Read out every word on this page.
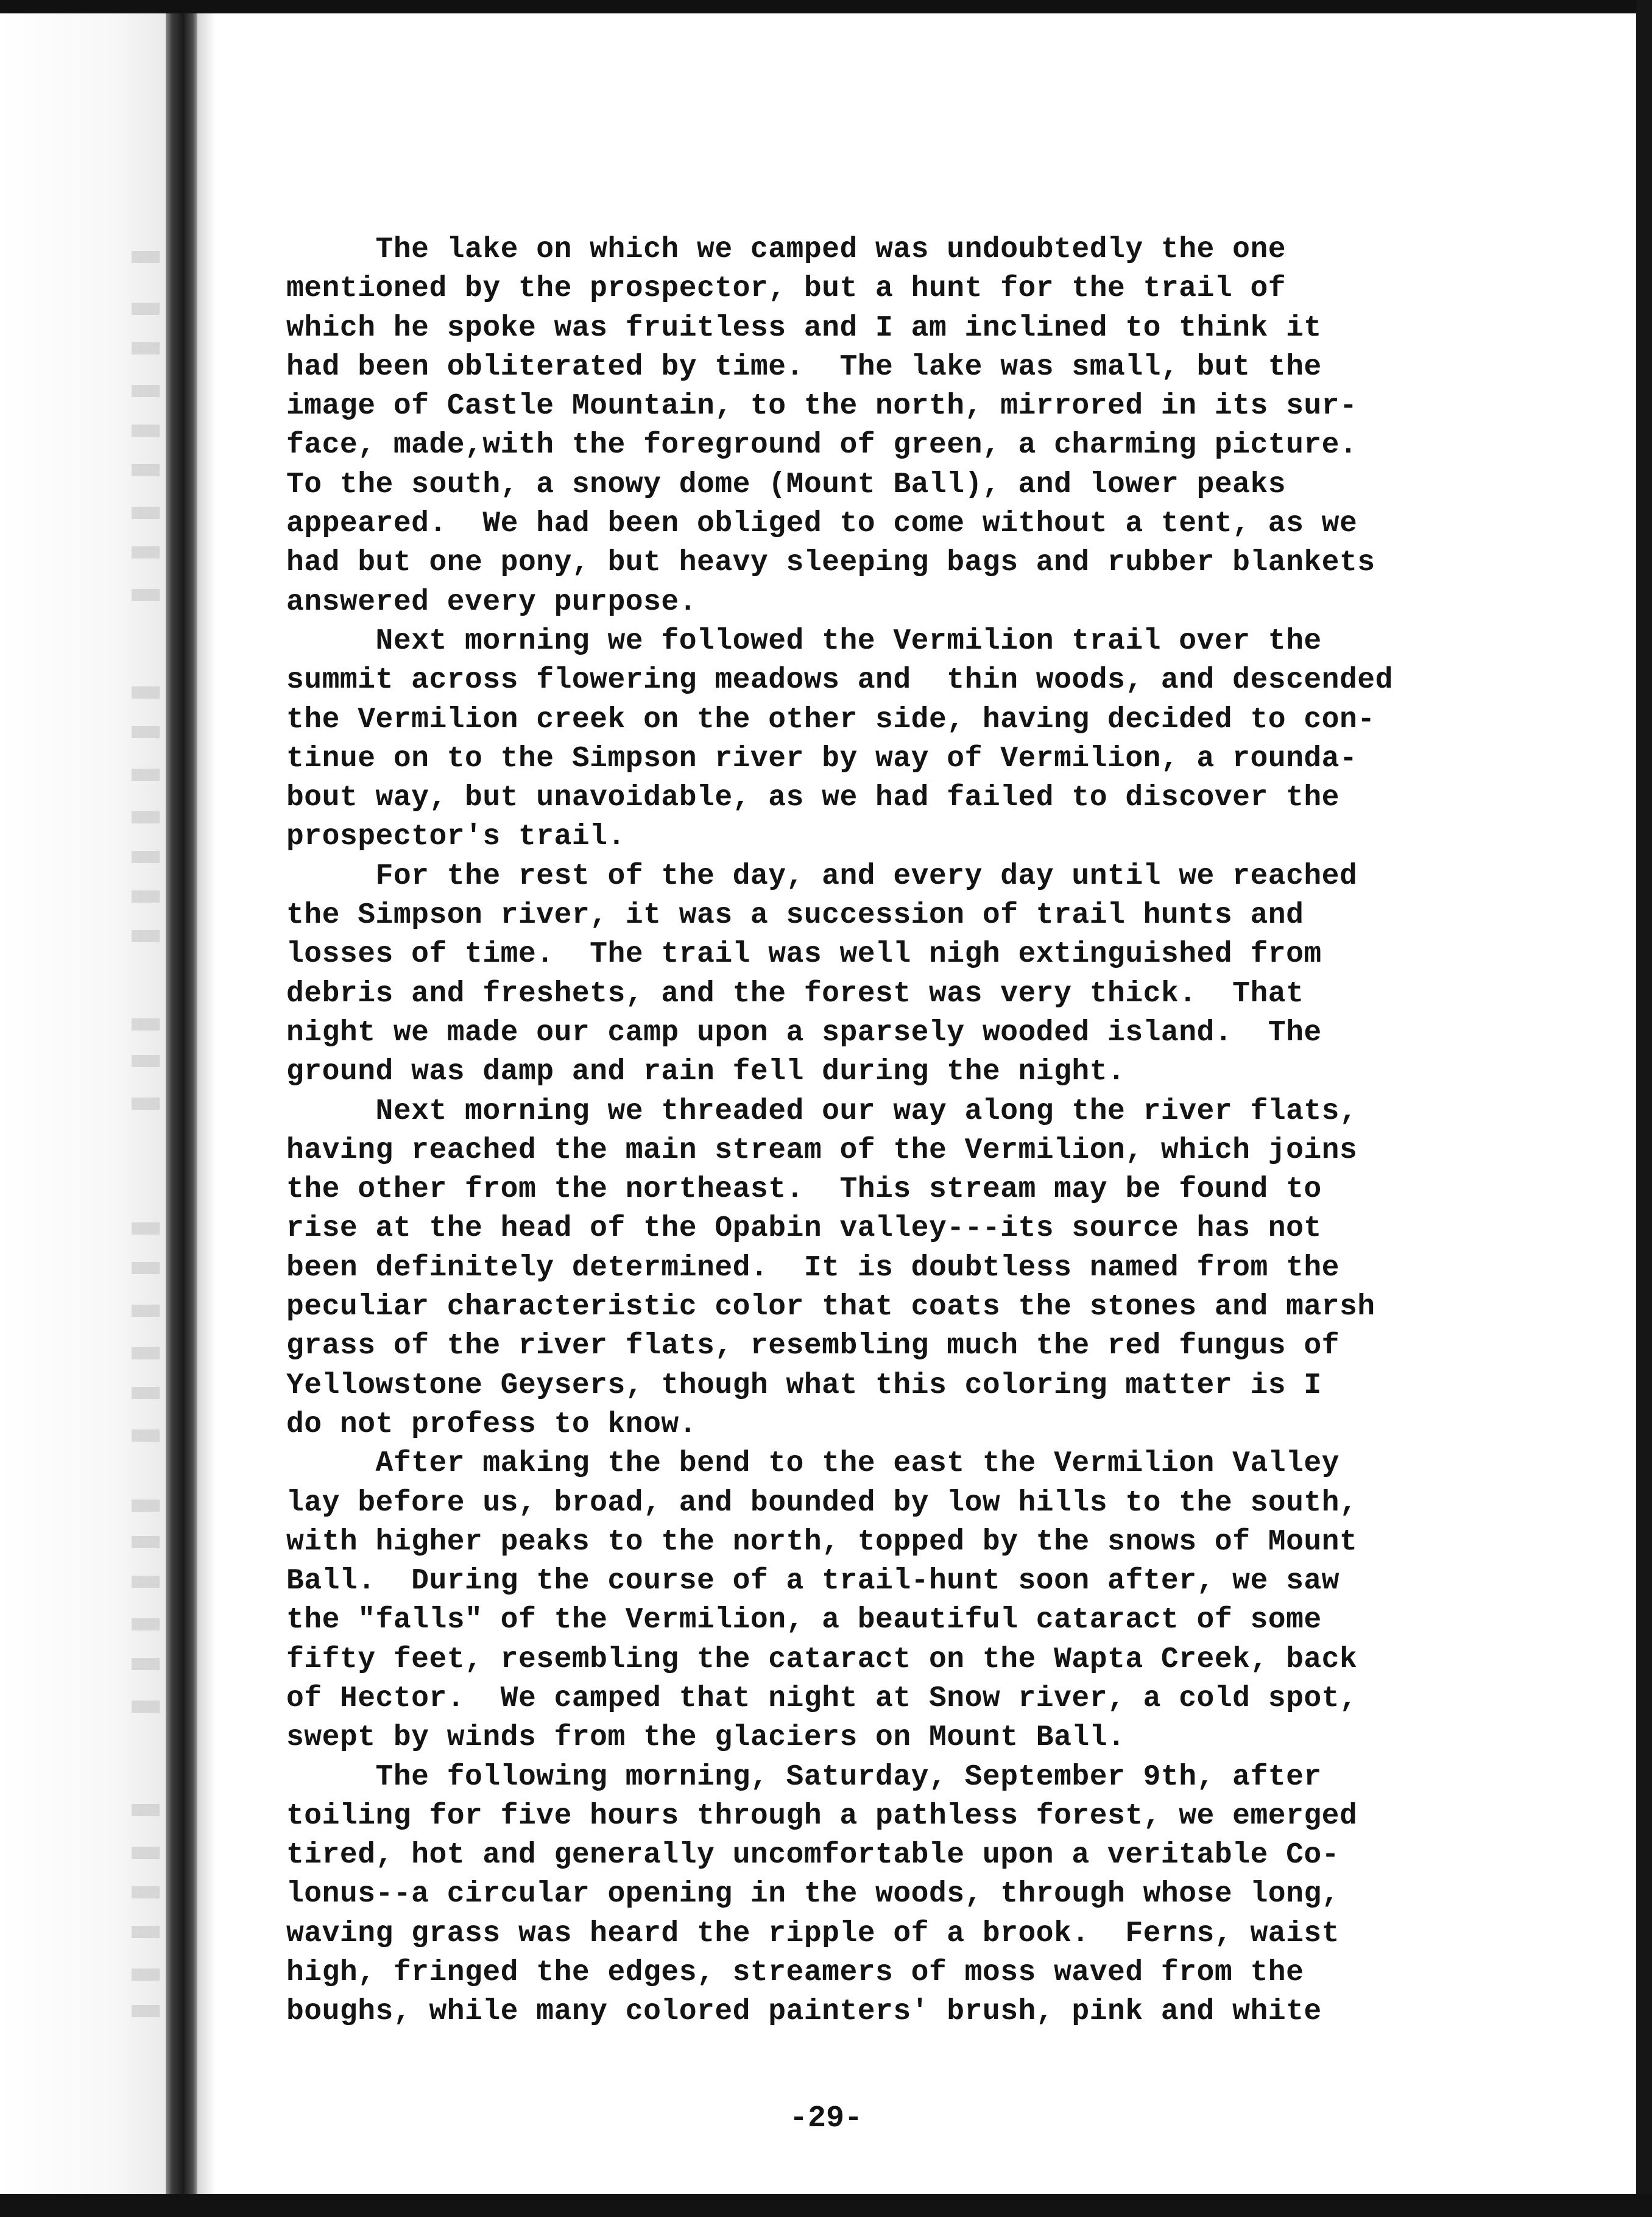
The lake on which we camped was undoubtedly the one
mentioned by the prospector, but a hunt for the trail of
which he spoke was fruitless and I am inclined to think it
had been obliterated by time.  The lake was small, but the
image of Castle Mountain, to the north, mirrored in its sur-
face, made,with the foreground of green, a charming picture.
To the south, a snowy dome (Mount Ball), and lower peaks
appeared.  We had been obliged to come without a tent, as we
had but one pony, but heavy sleeping bags and rubber blankets
answered every purpose.
Next morning we followed the Vermilion trail over the
summit across flowering meadows and  thin woods, and descended
the Vermilion creek on the other side, having decided to con-
tinue on to the Simpson river by way of Vermilion, a rounda-
bout way, but unavoidable, as we had failed to discover the
prospector's trail.
For the rest of the day, and every day until we reached
the Simpson river, it was a succession of trail hunts and
losses of time.  The trail was well nigh extinguished from
debris and freshets, and the forest was very thick.  That
night we made our camp upon a sparsely wooded island.  The
ground was damp and rain fell during the night.
Next morning we threaded our way along the river flats,
having reached the main stream of the Vermilion, which joins
the other from the northeast.  This stream may be found to
rise at the head of the Opabin valley---its source has not
been definitely determined.  It is doubtless named from the
peculiar characteristic color that coats the stones and marsh
grass of the river flats, resembling much the red fungus of
Yellowstone Geysers, though what this coloring matter is I
do not profess to know.
After making the bend to the east the Vermilion Valley
lay before us, broad, and bounded by low hills to the south,
with higher peaks to the north, topped by the snows of Mount
Ball.  During the course of a trail-hunt soon after, we saw
the "falls" of the Vermilion, a beautiful cataract of some
fifty feet, resembling the cataract on the Wapta Creek, back
of Hector.  We camped that night at Snow river, a cold spot,
swept by winds from the glaciers on Mount Ball.
The following morning, Saturday, September 9th, after
toiling for five hours through a pathless forest, we emerged
tired, hot and generally uncomfortable upon a veritable Co-
lonus--a circular opening in the woods, through whose long,
waving grass was heard the ripple of a brook.  Ferns, waist
high, fringed the edges, streamers of moss waved from the
boughs, while many colored painters' brush, pink and white
-29-
